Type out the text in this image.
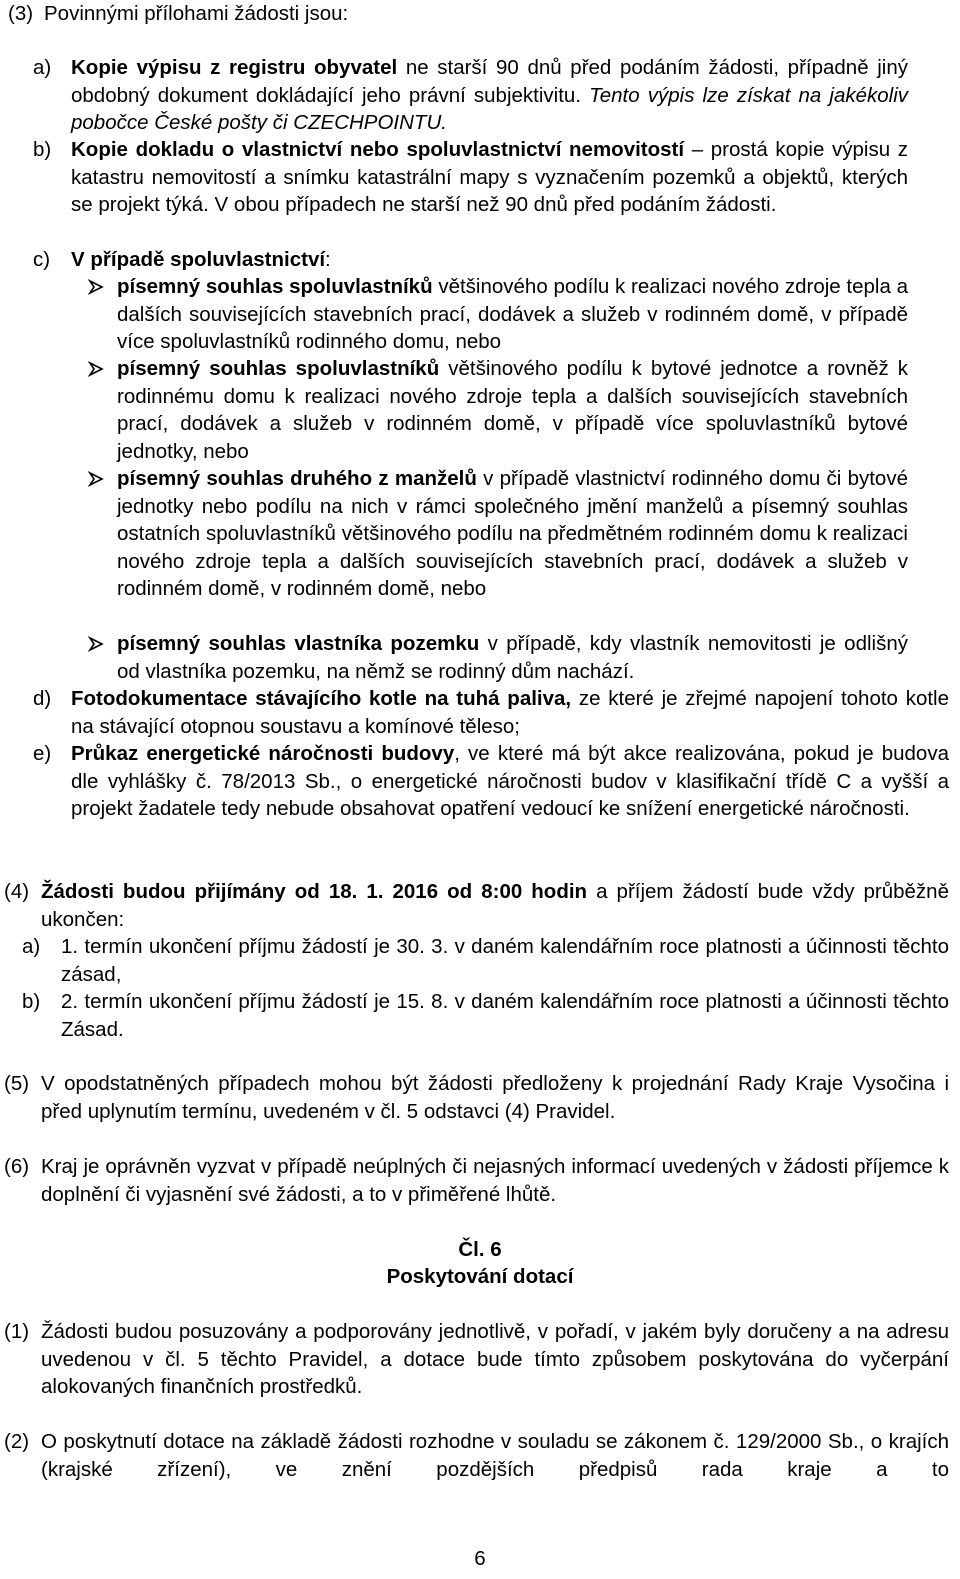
(3) Povinnými přílohami žádosti jsou:
a) Kopie výpisu z registru obyvatel ne starší 90 dnů před podáním žádosti, případně jiný obdobný dokument dokládající jeho právní subjektivitu. Tento výpis lze získat na jakékoliv pobočce České pošty či CZECHPOINTU.
b) Kopie dokladu o vlastnictví nebo spoluvlastnictví nemovitostí – prostá kopie výpisu z katastru nemovitostí a snímku katastrální mapy s vyznačením pozemků a objektů, kterých se projekt týká. V obou případech ne starší než 90 dnů před podáním žádosti.
c) V případě spoluvlastnictví:
písemný souhlas spoluvlastníků většinového podílu k realizaci nového zdroje tepla a dalších souvisejících stavebních prací, dodávek a služeb v rodinném domě, v případě více spoluvlastníků rodinného domu, nebo
písemný souhlas spoluvlastníků většinového podílu k bytové jednotce a rovněž k rodinnému domu k realizaci nového zdroje tepla a dalších souvisejících stavebních prací, dodávek a služeb v rodinném domě, v případě více spoluvlastníků bytové jednotky, nebo
písemný souhlas druhého z manželů v případě vlastnictví rodinného domu či bytové jednotky nebo podílu na nich v rámci společného jmění manželů a písemný souhlas ostatních spoluvlastníků většinového podílu na předmětném rodinném domu k realizaci nového zdroje tepla a dalších souvisejících stavebních prací, dodávek a služeb v rodinném domě, v rodinném domě, nebo
písemný souhlas vlastníka pozemku v případě, kdy vlastník nemovitosti je odlišný od vlastníka pozemku, na němž se rodinný dům nachází.
d) Fotodokumentace stávajícího kotle na tuhá paliva, ze které je zřejmé napojení tohoto kotle na stávající otopnou soustavu a komínové těleso;
e) Průkaz energetické náročnosti budovy, ve které má být akce realizována, pokud je budova dle vyhlášky č. 78/2013 Sb., o energetické náročnosti budov v klasifikační třídě C a vyšší a projekt žadatele tedy nebude obsahovat opatření vedoucí ke snížení energetické náročnosti.
(4) Žádosti budou přijímány od 18. 1. 2016 od 8:00 hodin a příjem žádostí bude vždy průběžně ukončen:
a) 1. termín ukončení příjmu žádostí je 30. 3. v daném kalendářním roce platnosti a účinnosti těchto zásad,
b) 2. termín ukončení příjmu žádostí je 15. 8. v daném kalendářním roce platnosti a účinnosti těchto Zásad.
(5) V opodstatněných případech mohou být žádosti předloženy k projednání Rady Kraje Vysočina i před uplynutím termínu, uvedeném v čl. 5 odstavci (4) Pravidel.
(6) Kraj je oprávněn vyzvat v případě neúplných či nejasných informací uvedených v žádosti příjemce k doplnění či vyjasnění své žádosti, a to v přiměřené lhůtě.
Čl. 6
Poskytování dotací
(1) Žádosti budou posuzovány a podporovány jednotlivě, v pořadí, v jakém byly doručeny a na adresu uvedenou v čl. 5 těchto Pravidel, a dotace bude tímto způsobem poskytována do vyčerpání alokovaných finančních prostředků.
(2) O poskytnutí dotace na základě žádosti rozhodne v souladu se zákonem č. 129/2000 Sb., o krajích (krajské zřízení), ve znění pozdějších předpisů rada kraje a to
6
